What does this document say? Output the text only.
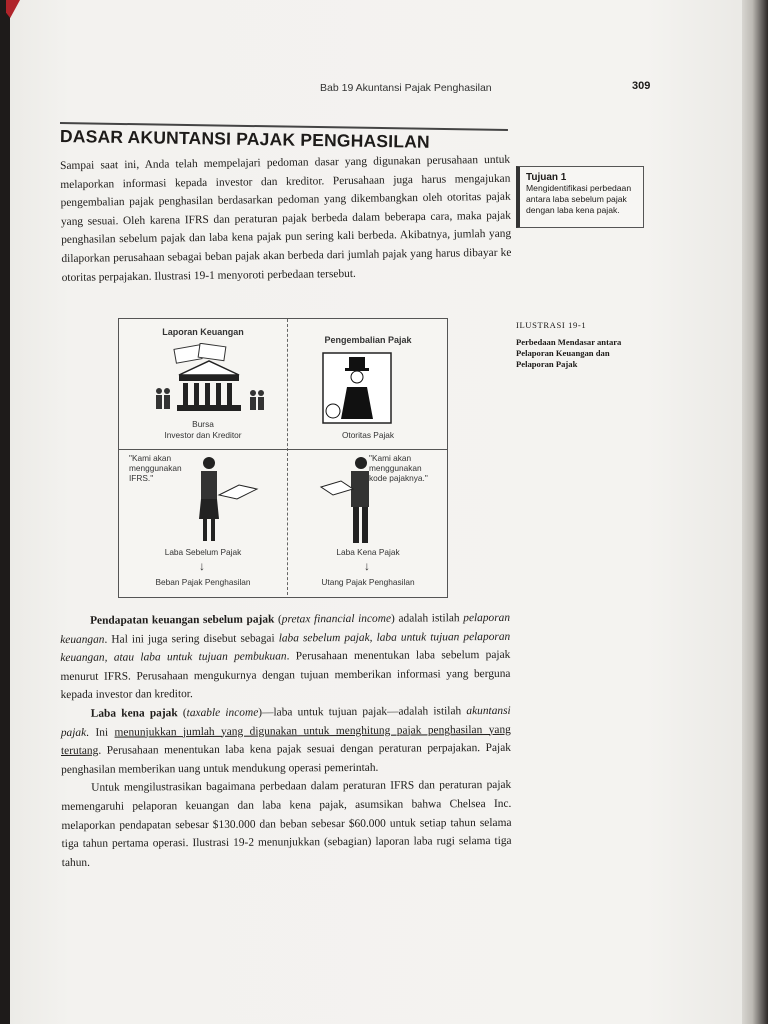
Bab 19 Akuntansi Pajak Penghasilan	309
DASAR AKUNTANSI PAJAK PENGHASILAN

Sampai saat ini, Anda telah mempelajari pedoman dasar yang digunakan perusahaan untuk melaporkan informasi kepada investor dan kreditor. Perusahaan juga harus mengajukan pengembalian pajak penghasilan berdasarkan pedoman yang dikembangkan oleh otoritas pajak yang sesuai. Oleh karena IFRS dan peraturan pajak berbeda dalam beberapa cara, maka pajak penghasilan sebelum pajak dan laba kena pajak pun sering kali berbeda. Akibatnya, jumlah yang dilaporkan perusahaan sebagai beban pajak akan berbeda dari jumlah pajak yang harus dibayar ke otoritas perpajakan. Ilustrasi 19-1 menyoroti perbedaan tersebut.

Tujuan 1
Mengidentifikasi perbedaan antara laba sebelum pajak dengan laba kena pajak.
ILUSTRASI 19-1
Perbedaan Mendasar antara Pelaporan Keuangan dan Pelaporan Pajak
Laporan Keuangan
Pengembalian Pajak
Bursa
Investor dan Kreditor	Otoritas Pajak
"Kami akan menggunakan IFRS."
"Kami akan menggunakan kode pajaknya."
Laba Sebelum Pajak
↓
Beban Pajak Penghasilan
Laba Kena Pajak
↓
Utang Pajak Penghasilan

Pendapatan keuangan sebelum pajak (pretax financial income) adalah istilah pelaporan keuangan. Hal ini juga sering disebut sebagai laba sebelum pajak, laba untuk tujuan pelaporan keuangan, atau laba untuk tujuan pembukuan. Perusahaan menentukan laba sebelum pajak menurut IFRS. Perusahaan mengukurnya dengan tujuan memberikan informasi yang berguna kepada investor dan kreditor.

Laba kena pajak (taxable income)—laba untuk tujuan pajak—adalah istilah akuntansi pajak. Ini menunjukkan jumlah yang digunakan untuk menghitung pajak penghasilan yang terutang. Perusahaan menentukan laba kena pajak sesuai dengan peraturan perpajakan. Pajak penghasilan memberikan uang untuk mendukung operasi pemerintah.

Untuk mengilustrasikan bagaimana perbedaan dalam peraturan IFRS dan peraturan pajak memengaruhi pelaporan keuangan dan laba kena pajak, asumsikan bahwa Chelsea Inc. melaporkan pendapatan sebesar $130.000 dan beban sebesar $60.000 untuk setiap tahun selama tiga tahun pertama operasi. Ilustrasi 19-2 menunjukkan (sebagian) laporan laba rugi selama tiga tahun.
